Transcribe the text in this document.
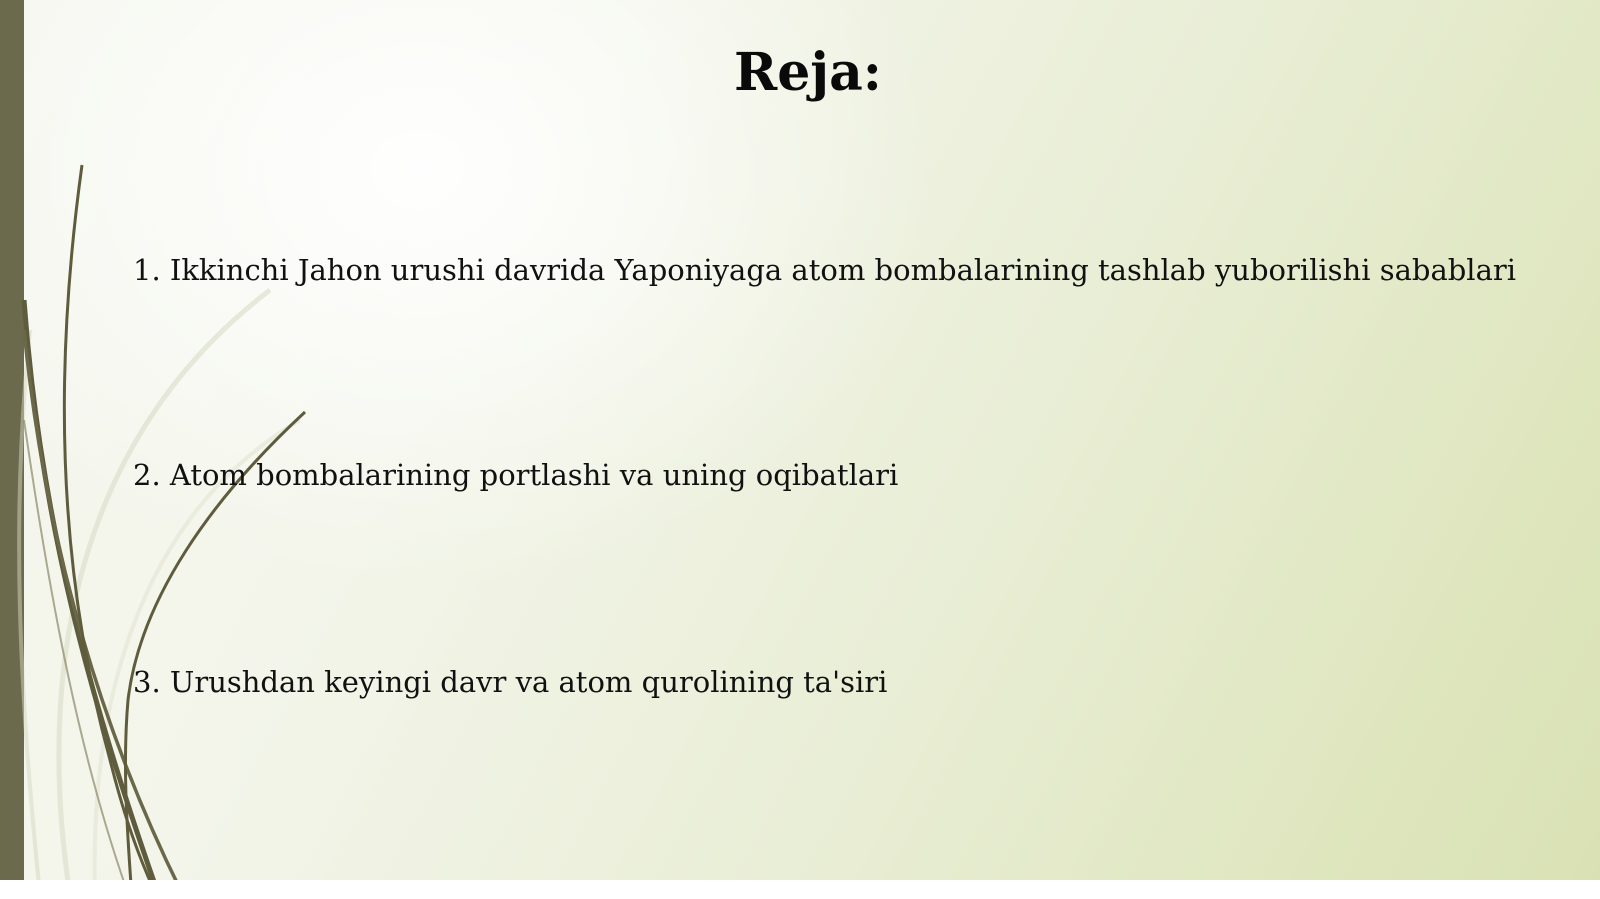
Reja:
1. Ikkinchi Jahon urushi davrida Yaponiyaga atom bombalarining tashlab yuborilishi sabablari
2. Atom bombalarining portlashi va uning oqibatlari
3. Urushdan keyingi davr va atom qurolining ta'siri
